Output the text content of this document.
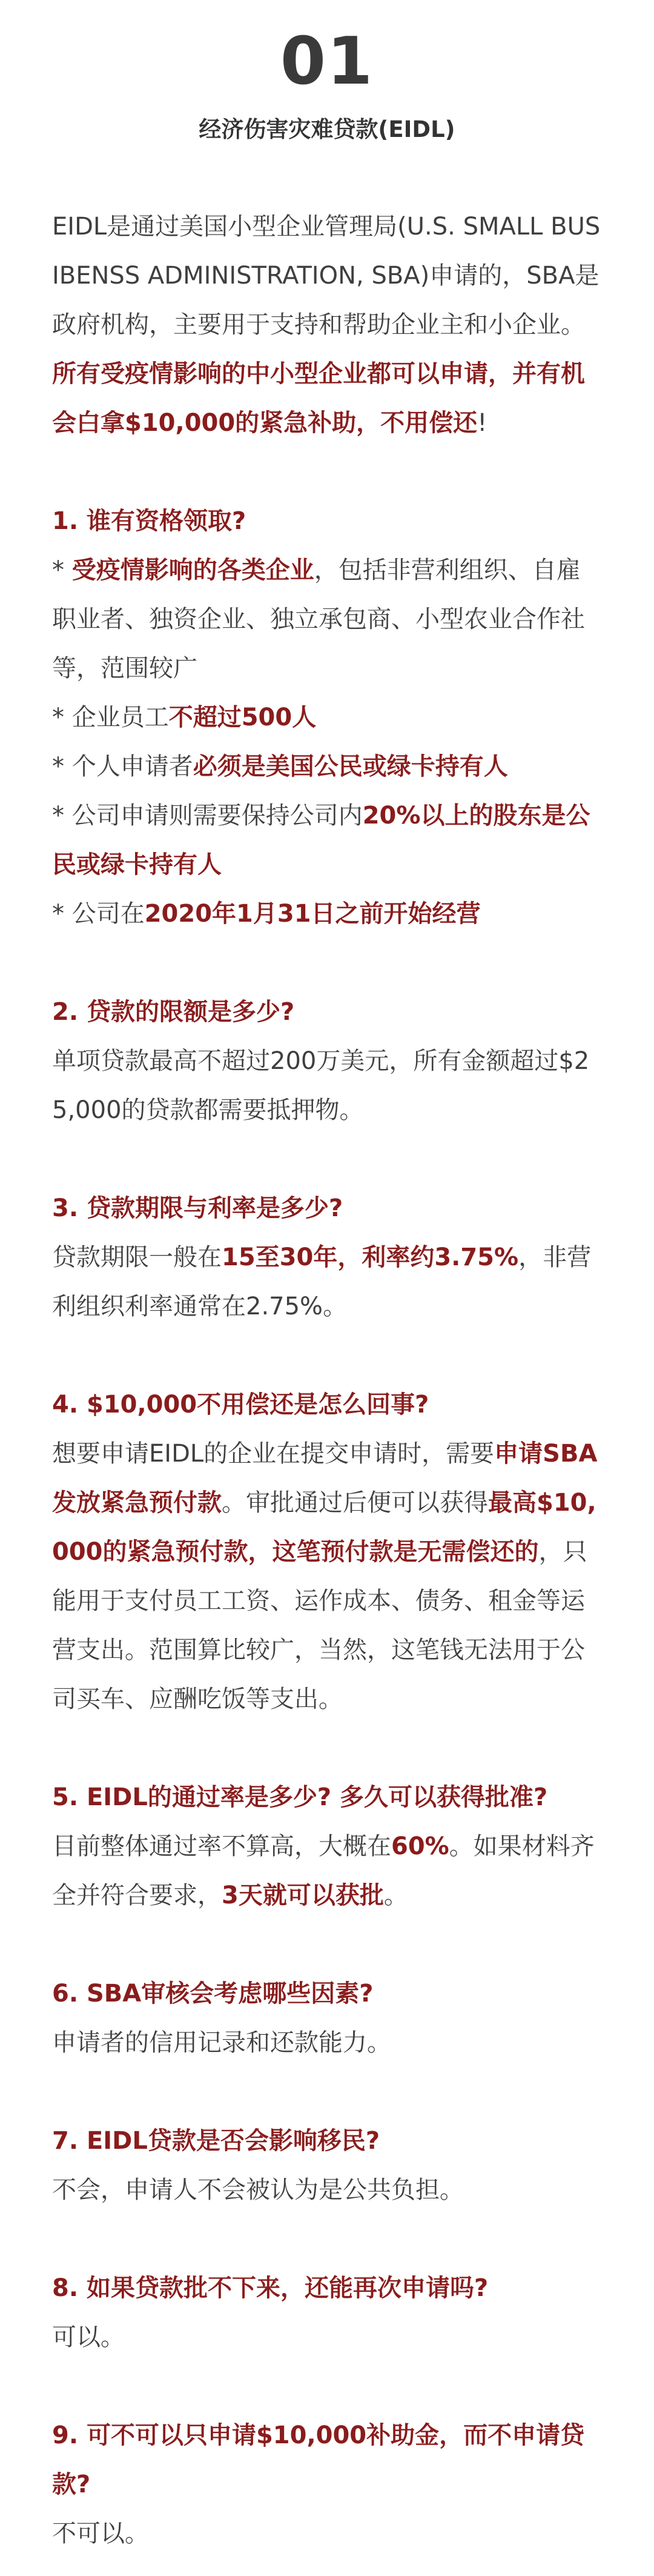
01
经济伤害灾难贷款(EIDL)

EIDL是通过美国小型企业管理局(U.S. SMALL BUSIBENSS ADMINISTRATION, SBA)申请的，SBA是政府机构，主要用于支持和帮助企业主和小企业。所有受疫情影响的中小型企业都可以申请，并有机会白拿$10,000的紧急补助，不用偿还!

1. 谁有资格领取?

* 受疫情影响的各类企业，包括非营利组织、自雇职业者、独资企业、独立承包商、小型农业合作社等，范围较广

* 企业员工不超过500人

* 个人申请者必须是美国公民或绿卡持有人

* 公司申请则需要保持公司内20%以上的股东是公民或绿卡持有人

* 公司在2020年1月31日之前开始经营

2. 贷款的限额是多少?

单项贷款最高不超过200万美元，所有金额超过$25,000的贷款都需要抵押物。

3. 贷款期限与利率是多少?

贷款期限一般在15至30年，利率约3.75%，非营利组织利率通常在2.75%。

4. $10,000不用偿还是怎么回事?

想要申请EIDL的企业在提交申请时，需要申请SBA发放紧急预付款。审批通过后便可以获得最高$10,000的紧急预付款，这笔预付款是无需偿还的，只能用于支付员工工资、运作成本、债务、租金等运营支出。范围算比较广，当然，这笔钱无法用于公司买车、应酬吃饭等支出。

5. EIDL的通过率是多少? 多久可以获得批准?

目前整体通过率不算高，大概在60%。如果材料齐全并符合要求，3天就可以获批。

6. SBA审核会考虑哪些因素?

申请者的信用记录和还款能力。

7. EIDL贷款是否会影响移民?

不会，申请人不会被认为是公共负担。

8. 如果贷款批不下来，还能再次申请吗?

可以。

9. 可不可以只申请$10,000补助金，而不申请贷款?

不可以。
